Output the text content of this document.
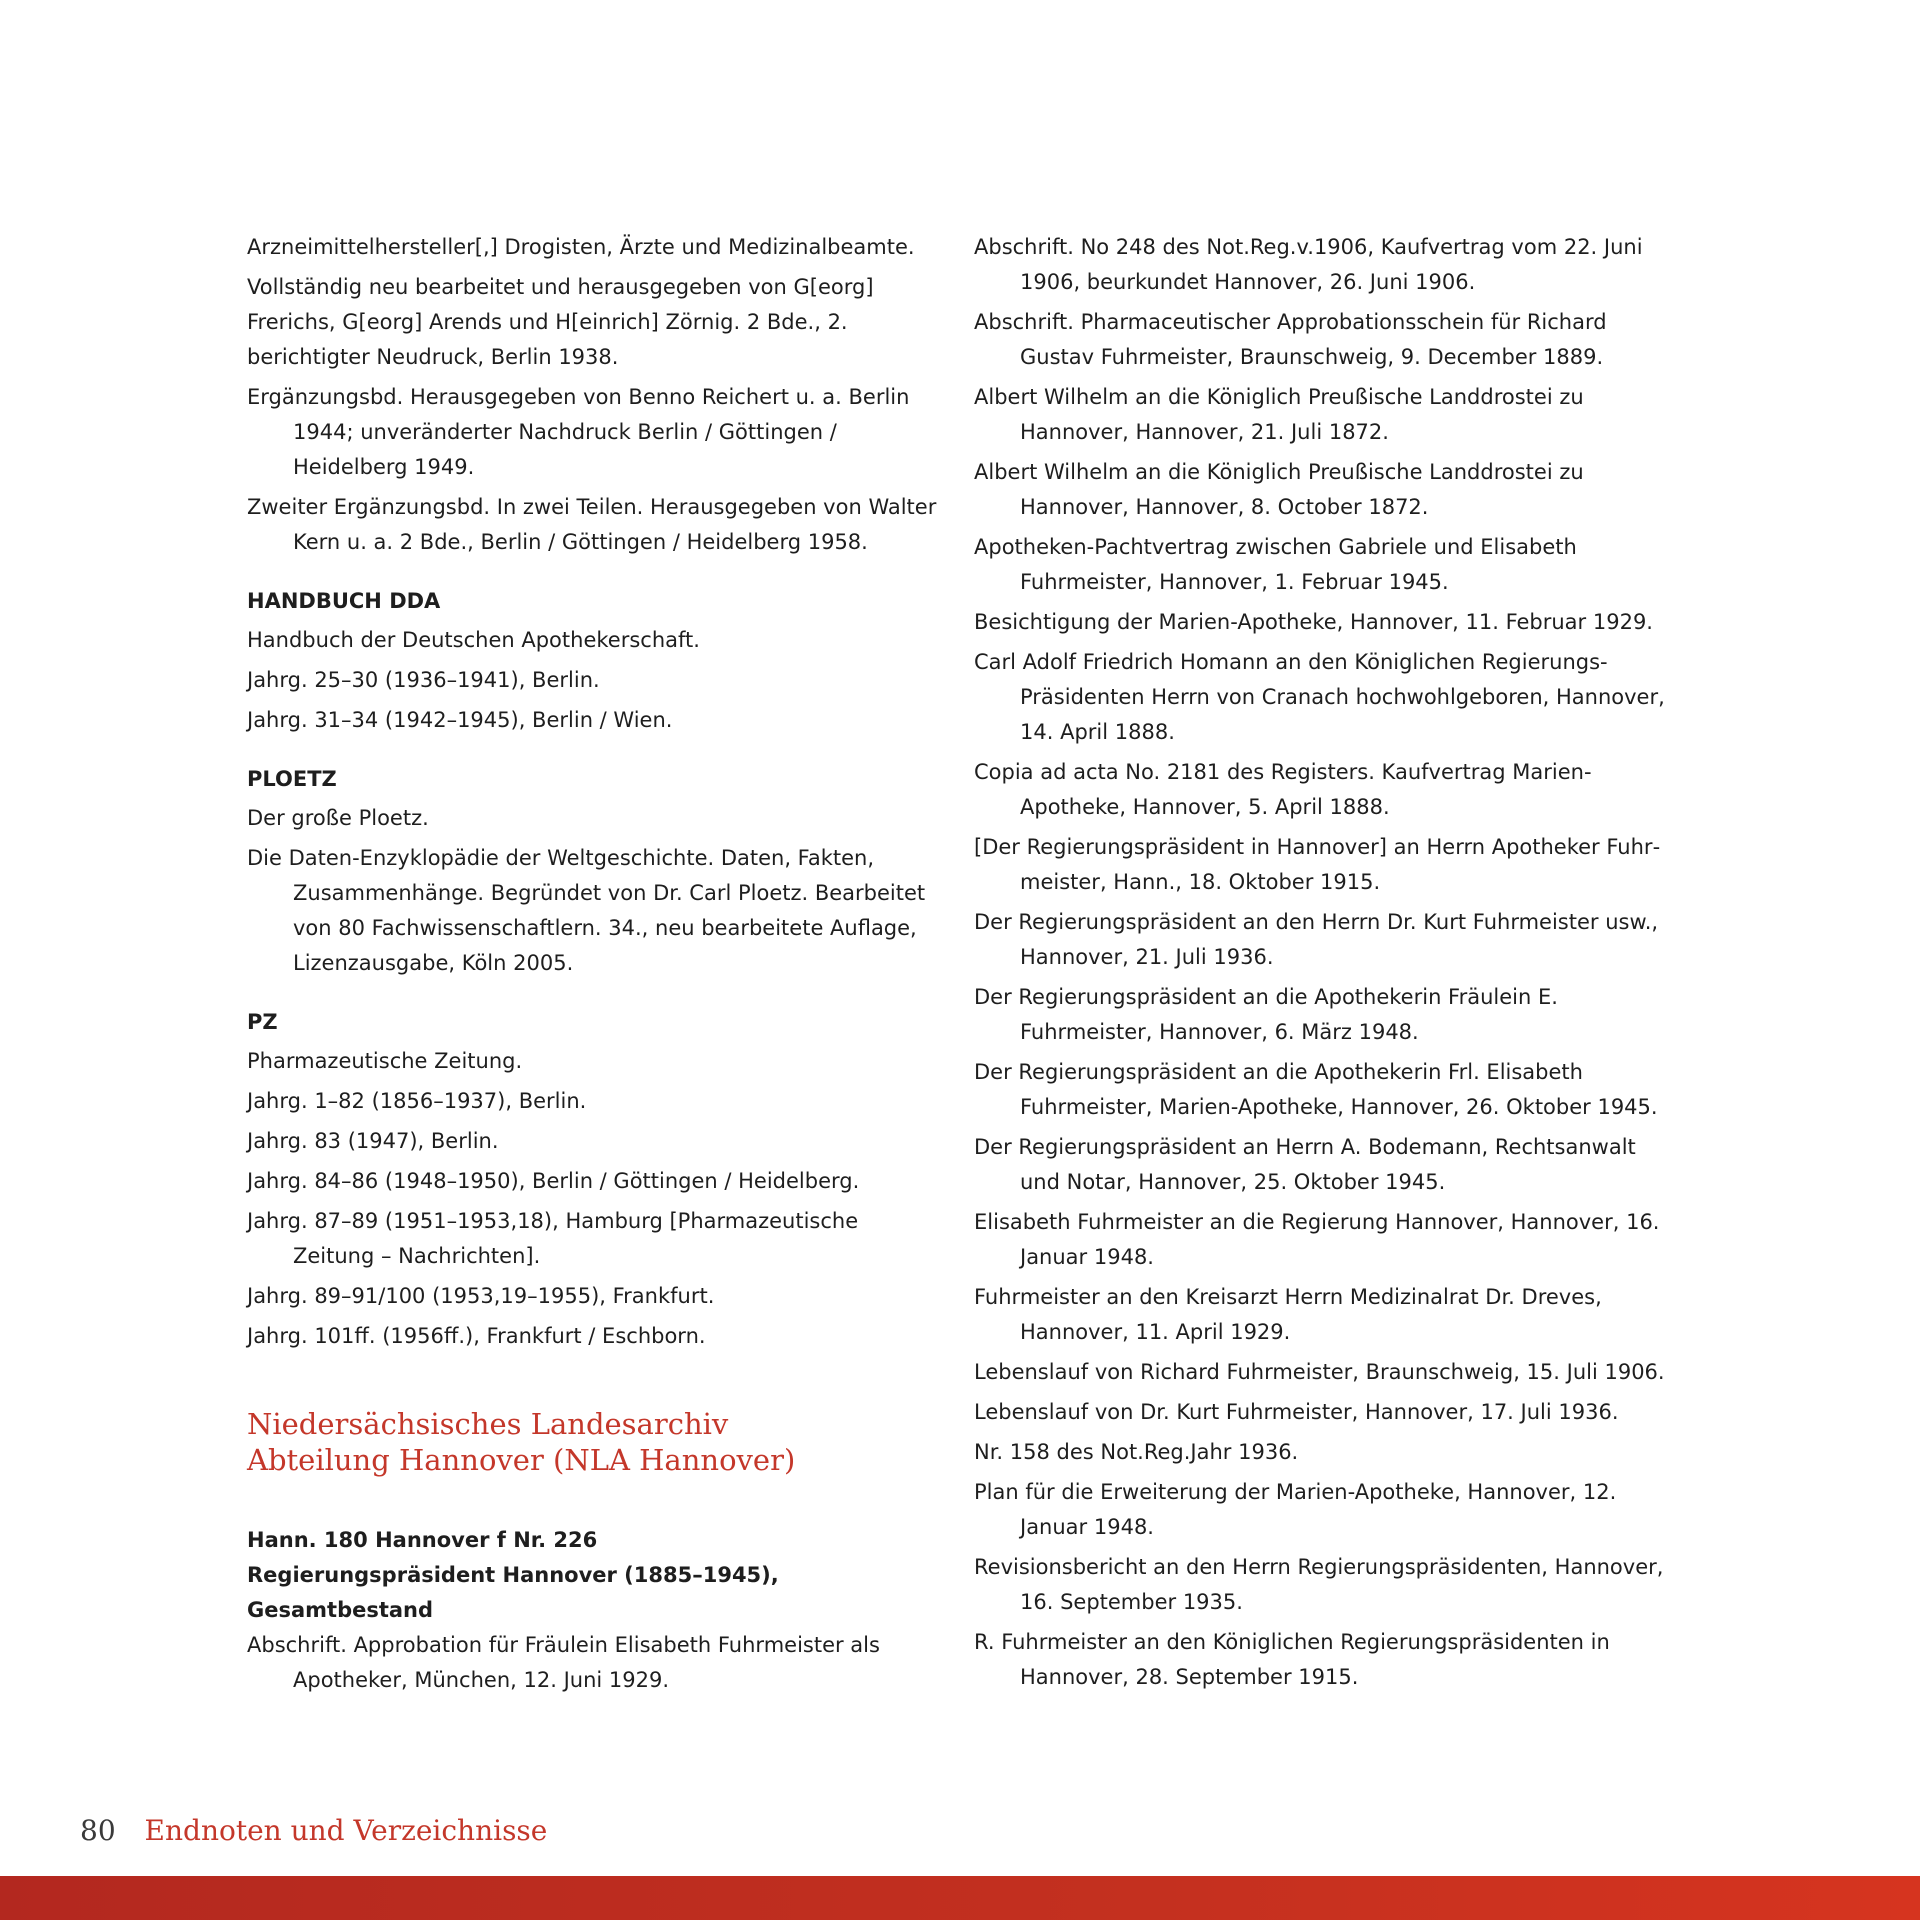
Arzneimittelhersteller[,] Drogisten, Ärzte und Medizinalbeamte.

Vollständig neu bearbeitet und herausgegeben von G[eorg] Frerichs, G[eorg] Arends und H[einrich] Zörnig. 2 Bde., 2. berichtigter Neudruck, Berlin 1938.

Ergänzungsbd. Herausgegeben von Benno Reichert u. a. Berlin 1944; unveränderter Nachdruck Berlin / Göttingen / Heidelberg 1949.

Zweiter Ergänzungsbd. In zwei Teilen. Herausgegeben von Walter Kern u. a. 2 Bde., Berlin / Göttingen / Heidelberg 1958.

HANDBUCH DDA

Handbuch der Deutschen Apothekerschaft.

Jahrg. 25–30 (1936–1941), Berlin.

Jahrg. 31–34 (1942–1945), Berlin / Wien.

PLOETZ

Der große Ploetz.

Die Daten-Enzyklopädie der Weltgeschichte. Daten, Fakten, Zusammenhänge. Begründet von Dr. Carl Ploetz. Bearbeitet von 80 Fachwissenschaftlern. 34., neu bearbeitete Auflage, Lizenzausgabe, Köln 2005.

PZ

Pharmazeutische Zeitung.

Jahrg. 1–82 (1856–1937), Berlin.

Jahrg. 83 (1947), Berlin.

Jahrg. 84–86 (1948–1950), Berlin / Göttingen / Heidelberg.

Jahrg. 87–89 (1951–1953,18), Hamburg [Pharmazeutische Zeitung – Nachrichten].

Jahrg. 89–91/100 (1953,19–1955), Frankfurt.

Jahrg. 101ff. (1956ff.), Frankfurt / Eschborn.

Niedersächsisches Landesarchiv
Abteilung Hannover (NLA Hannover)
Hann. 180 Hannover f Nr. 226
Regierungspräsident Hannover (1885–1945), Gesamtbestand

Abschrift. Approbation für Fräulein Elisabeth Fuhrmeister als Apotheker, München, 12. Juni 1929.

Abschrift. No 248 des Not.Reg.v.1906, Kaufvertrag vom 22. Juni 1906, beurkundet Hannover, 26. Juni 1906.

Abschrift. Pharmaceutischer Approbationsschein für Richard Gustav Fuhrmeister, Braunschweig, 9. December 1889.

Albert Wilhelm an die Königlich Preußische Landdrostei zu Hannover, Hannover, 21. Juli 1872.

Albert Wilhelm an die Königlich Preußische Landdrostei zu Hannover, Hannover, 8. October 1872.

Apotheken-Pachtvertrag zwischen Gabriele und Elisabeth Fuhrmeister, Hannover, 1. Februar 1945.

Besichtigung der Marien-Apotheke, Hannover, 11. Februar 1929.

Carl Adolf Friedrich Homann an den Königlichen Regierungs-Präsidenten Herrn von Cranach hochwohlgeboren, Hannover, 14. April 1888.

Copia ad acta No. 2181 des Registers. Kaufvertrag Marien-Apotheke, Hannover, 5. April 1888.

[Der Regierungspräsident in Hannover] an Herrn Apotheker Fuhrmeister, Hann., 18. Oktober 1915.

Der Regierungspräsident an den Herrn Dr. Kurt Fuhrmeister usw., Hannover, 21. Juli 1936.

Der Regierungspräsident an die Apothekerin Fräulein E. Fuhrmeister, Hannover, 6. März 1948.

Der Regierungspräsident an die Apothekerin Frl. Elisabeth Fuhrmeister, Marien-Apotheke, Hannover, 26. Oktober 1945.

Der Regierungspräsident an Herrn A. Bodemann, Rechtsanwalt und Notar, Hannover, 25. Oktober 1945.

Elisabeth Fuhrmeister an die Regierung Hannover, Hannover, 16. Januar 1948.

Fuhrmeister an den Kreisarzt Herrn Medizinalrat Dr. Dreves, Hannover, 11. April 1929.

Lebenslauf von Richard Fuhrmeister, Braunschweig, 15. Juli 1906.

Lebenslauf von Dr. Kurt Fuhrmeister, Hannover, 17. Juli 1936.

Nr. 158 des Not.Reg.Jahr 1936.

Plan für die Erweiterung der Marien-Apotheke, Hannover, 12. Januar 1948.

Revisionsbericht an den Herrn Regierungspräsidenten, Hannover, 16. September 1935.

R. Fuhrmeister an den Königlichen Regierungspräsidenten in Hannover, 28. September 1915.

80 Endnoten und Verzeichnisse
